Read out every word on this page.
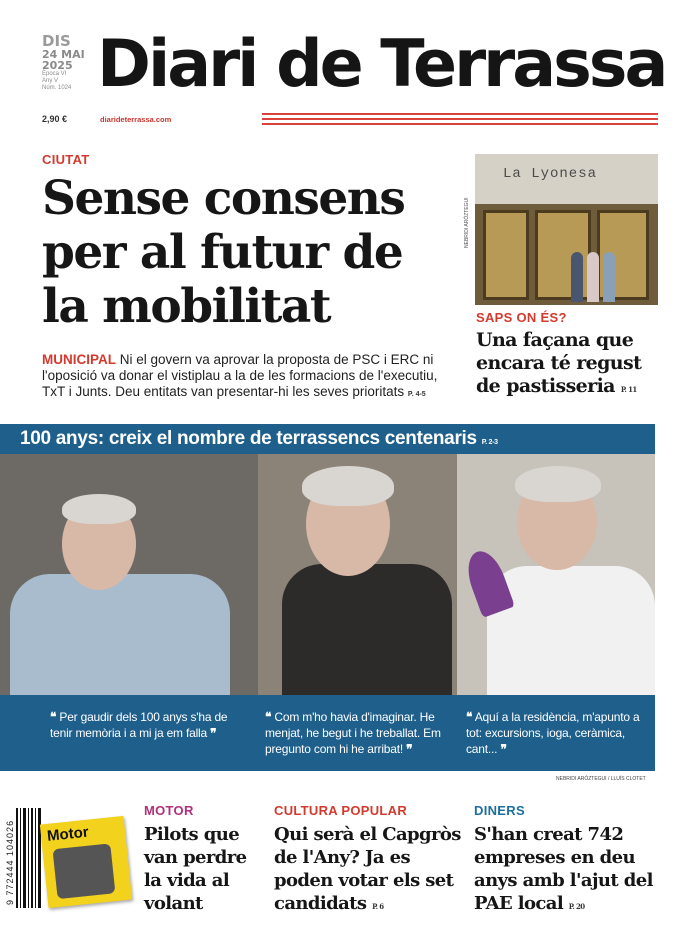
DIS
24 MAI
2025
Època VI
Any V
Núm. 1024
2,90 €
Diari de Terrassa
diarideterrassa.com
CIUTAT
Sense consens per al futur de la mobilitat

MUNICIPAL Ni el govern va aprovar la proposta de PSC i ERC ni l'oposició va donar el vistiplau a la de les formacions de l'executiu, TxT i Junts. Deu entitats van presentar-hi les seves prioritats P. 4-5

La Lyonesa
NEBRIDI ARÓZTEGUI
SAPS ON ÉS?
Una façana que encara té regust de pastisseria P. 11
100 anys: creix el nombre de terrassencs centenaris P. 2-3

❝ Per gaudir dels 100 anys s'ha de tenir memòria i a mi ja em falla ❞

❝ Com m'ho havia d'imaginar. He menjat, he begut i he treballat. Em pregunto com hi he arribat! ❞

❝ Aquí a la residència, m'apunto a tot: excursions, ioga, ceràmica, cant... ❞

NEBRIDI ARÓZTEGUI / LLUÍS CLOTET
9 772444 104026 Motor
MOTOR
Pilots que van perdre la vida al volant
CULTURA POPULAR
Qui serà el Capgròs de l'Any? Ja es poden votar els set candidats P. 6
DINERS
S'han creat 742 empreses en deu anys amb l'ajut del PAE local P. 20
